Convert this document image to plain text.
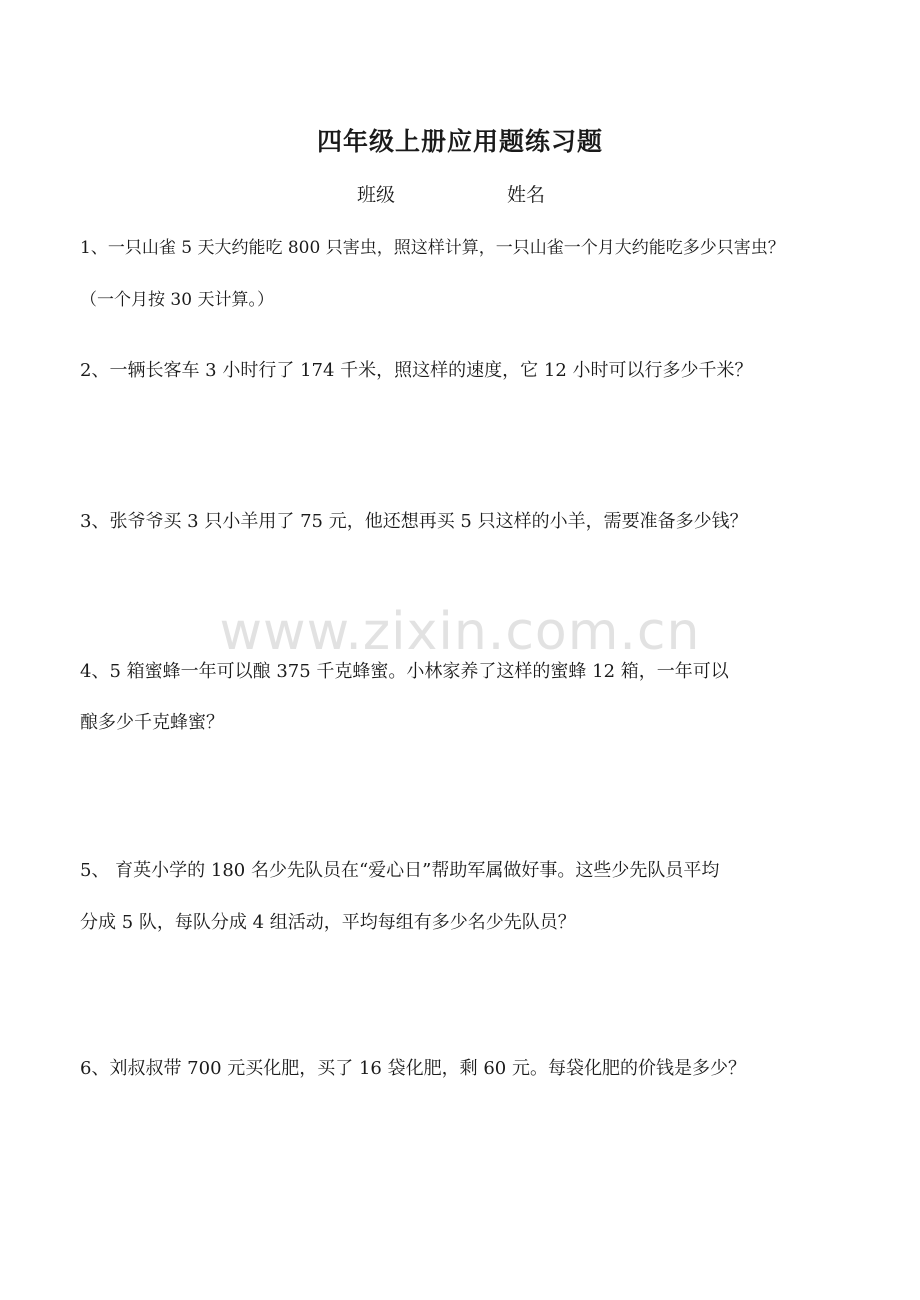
四年级上册应用题练习题
班级	姓名

1、一只山雀 5 天大约能吃 800 只害虫，照这样计算，一只山雀一个月大约能吃多少只害虫？

（一个月按 30 天计算。）

2、一辆长客车 3 小时行了 174 千米，照这样的速度，它 12 小时可以行多少千米？

3、张爷爷买 3 只小羊用了 75 元，他还想再买 5 只这样的小羊，需要准备多少钱？

www.zixin.com.cn

4、5 箱蜜蜂一年可以酿 375 千克蜂蜜。小林家养了这样的蜜蜂 12 箱，一年可以

酿多少千克蜂蜜？

5、 育英小学的 180 名少先队员在“爱心日”帮助军属做好事。这些少先队员平均

分成 5 队，每队分成 4 组活动，平均每组有多少名少先队员？

6、刘叔叔带 700 元买化肥，买了 16 袋化肥，剩 60 元。每袋化肥的价钱是多少？
